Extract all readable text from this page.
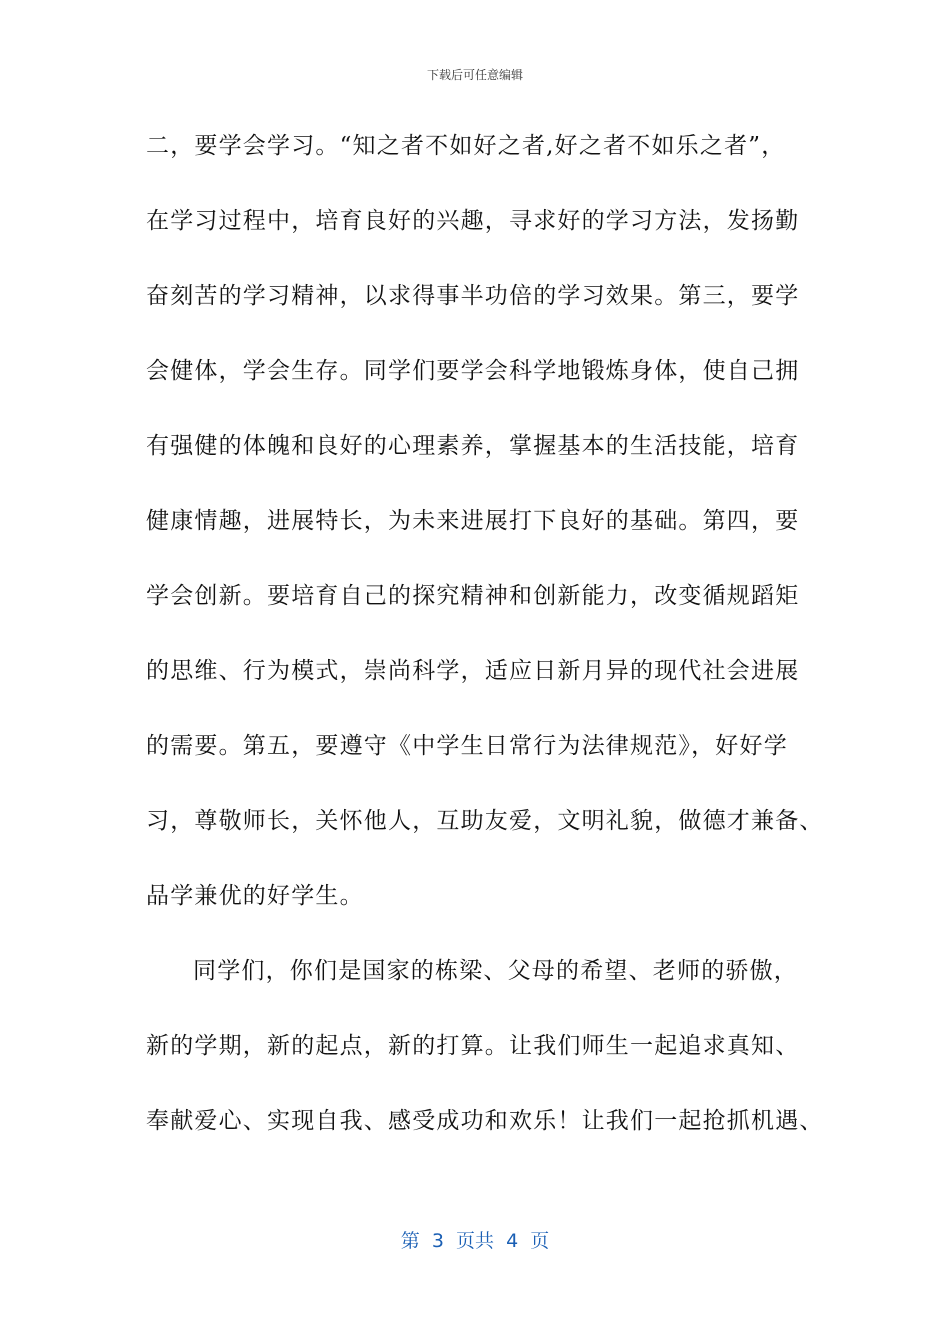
下载后可任意编辑
二，要学会学习。“知之者不如好之者,好之者不如乐之者”，
在学习过程中，培育良好的兴趣，寻求好的学习方法，发扬勤
奋刻苦的学习精神，以求得事半功倍的学习效果。第三，要学
会健体，学会生存。同学们要学会科学地锻炼身体，使自己拥
有强健的体魄和良好的心理素养，掌握基本的生活技能，培育
健康情趣，进展特长，为未来进展打下良好的基础。第四，要
学会创新。要培育自己的探究精神和创新能力，改变循规蹈矩
的思维、行为模式，崇尚科学，适应日新月异的现代社会进展
的需要。第五，要遵守《中学生日常行为法律规范》，好好学
习，尊敬师长，关怀他人，互助友爱，文明礼貌，做德才兼备、
品学兼优的好学生。
同学们，你们是国家的栋梁、父母的希望、老师的骄傲，
新的学期，新的起点，新的打算。让我们师生一起追求真知、
奉献爱心、实现自我、感受成功和欢乐！让我们一起抢抓机遇、
第  3  页共  4  页
